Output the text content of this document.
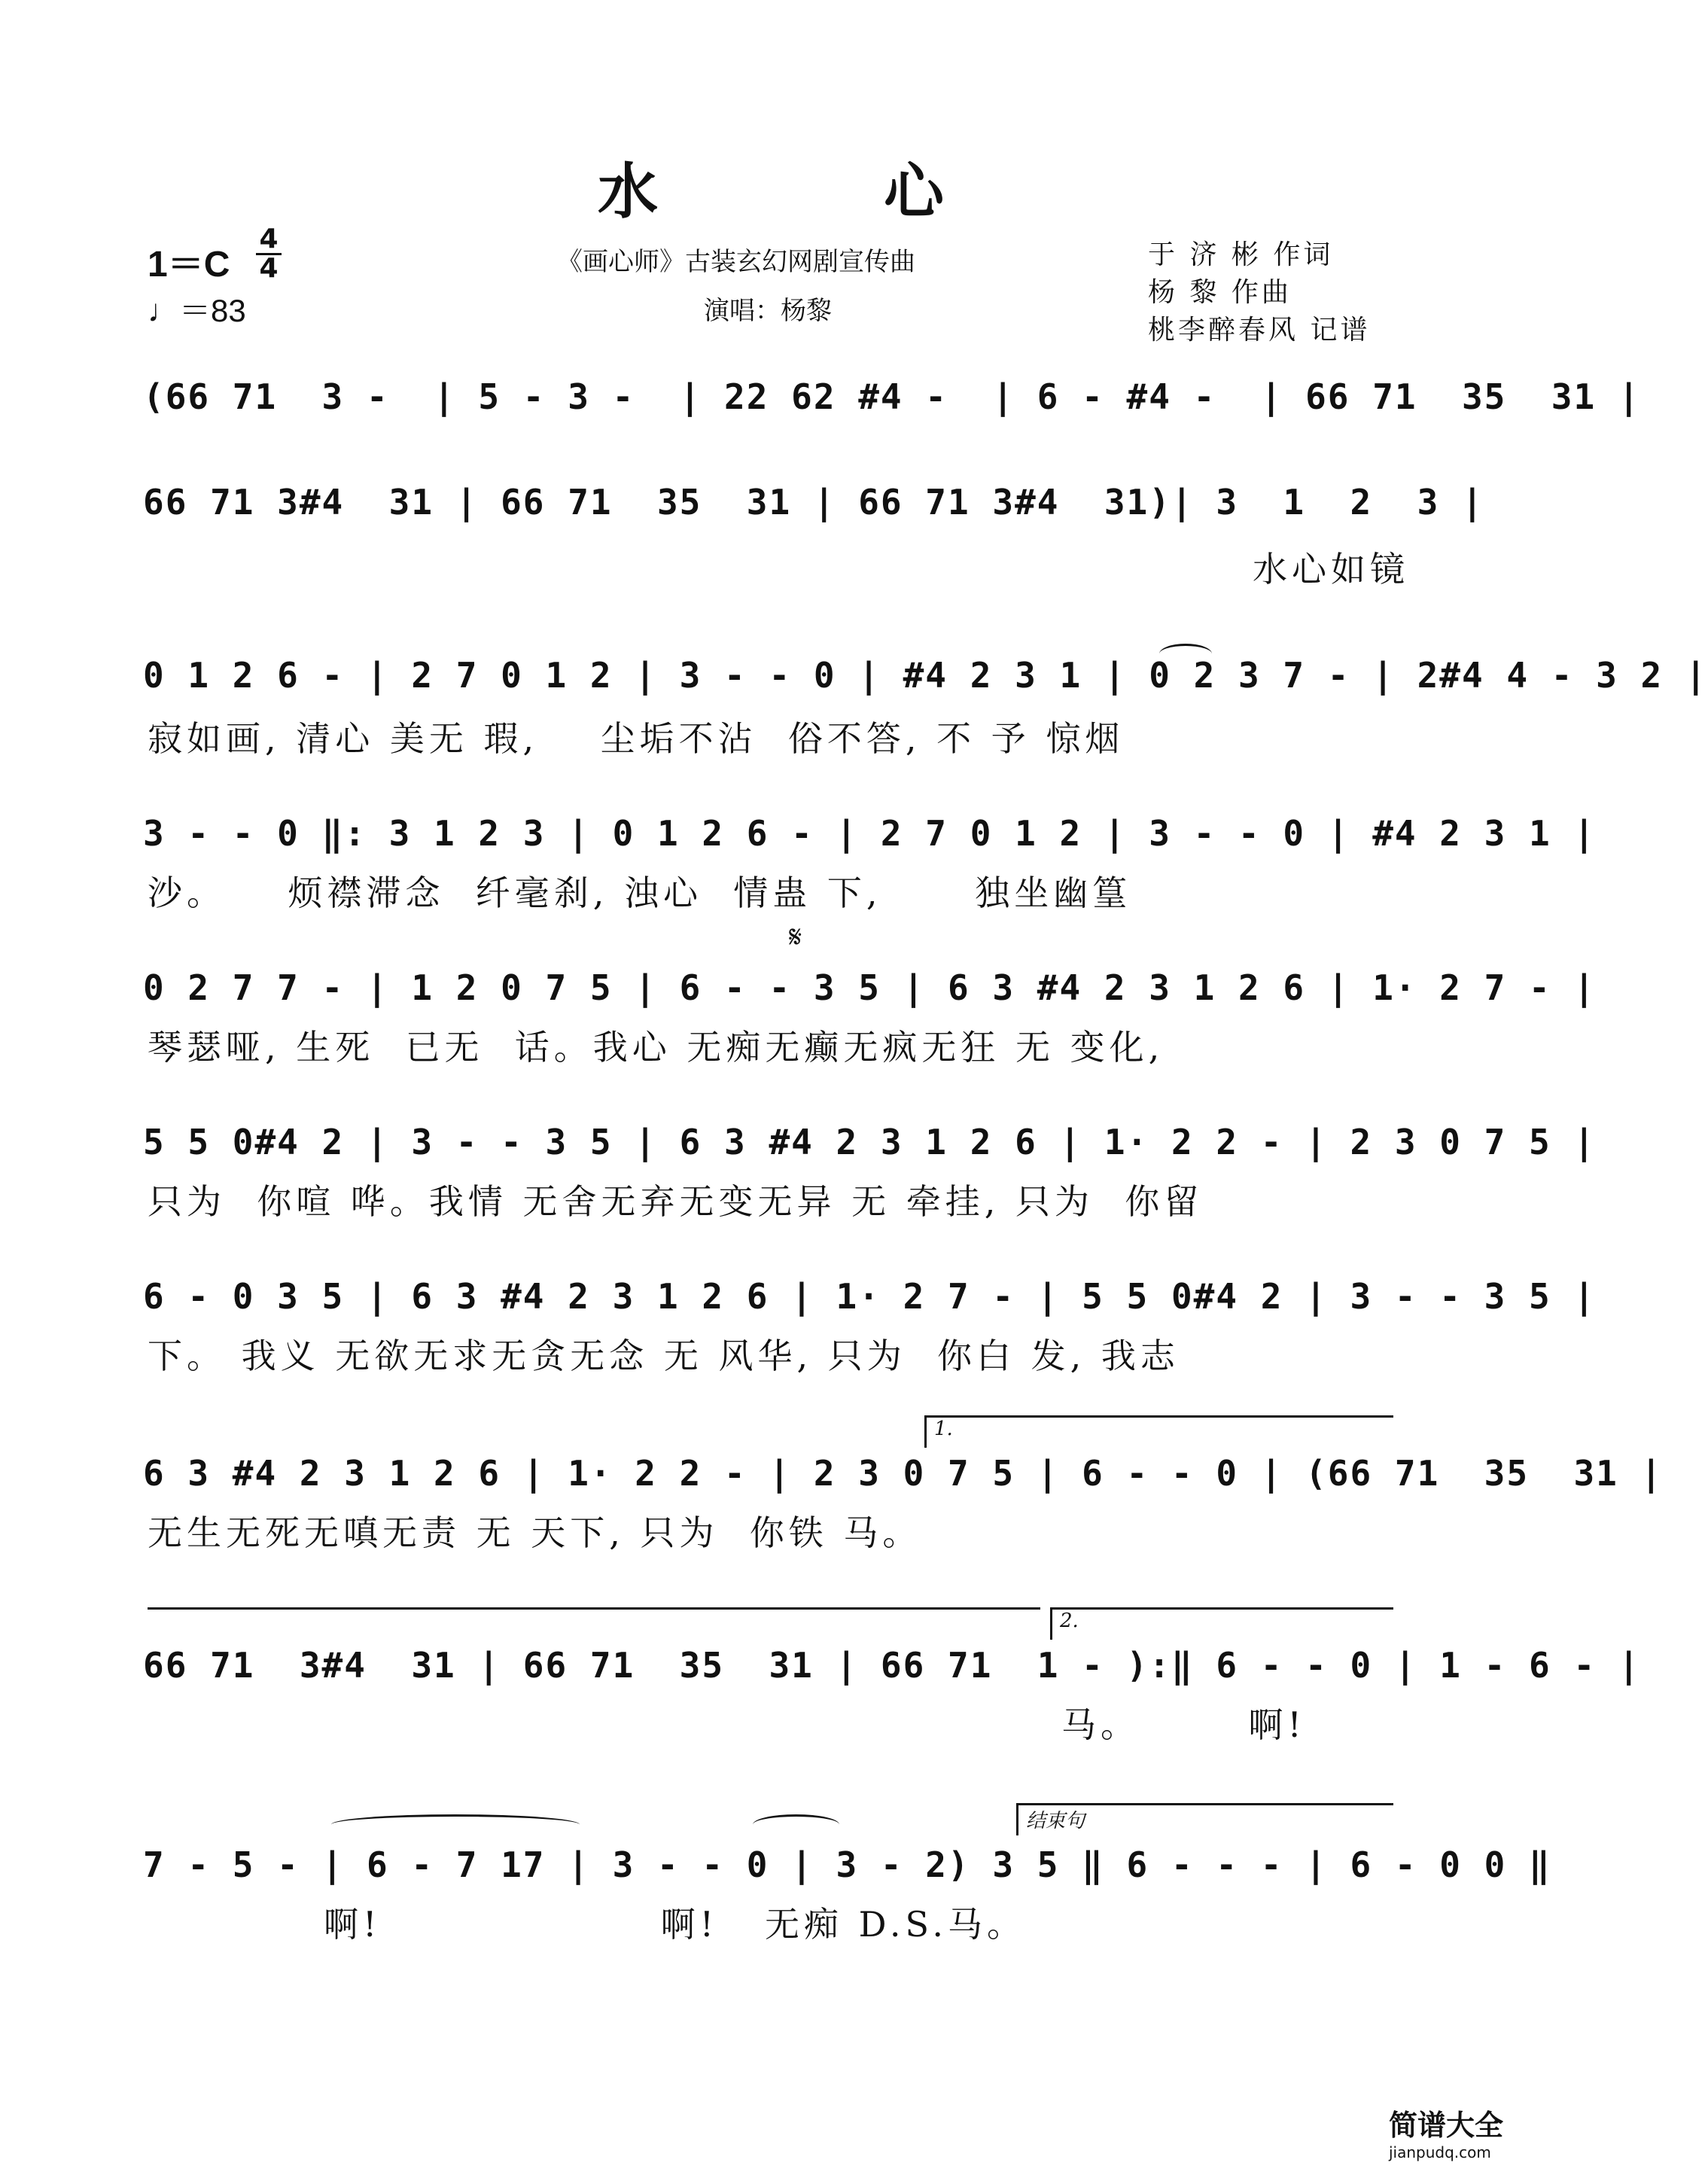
水　心
1＝C
4
4
♩＝83
《画心师》古装玄幻网剧宣传曲
演唱：杨黎
于 济 彬 作词
杨 黎 作曲
桃李醉春风 记谱
(66 71  3 -  | 5 - 3 -  | 22 62 #4 -  | 6 - #4 -  | 66 71  35  31 |
66 71 3#4  31 | 66 71  35  31 | 66 71 3#4  31)| 3  1  2  3 |
水心如镜
0 1 2 6 - | 2 7 0 1 2 | 3 - - 0 | #4 2 3 1 | 0 2 3 7 - | 2#4 4 - 3 2 |
寂如画, 清心 美无 瑕,    尘垢不沾  俗不答, 不 予 惊烟
3 - - 0 ‖: 3 1 2 3 | 0 1 2 6 - | 2 7 0 1 2 | 3 - - 0 | #4 2 3 1 |
沙。    烦襟滞念  纤毫刹, 浊心  情蛊 下,      独坐幽篁
𝄋
0 2 7 7 - | 1 2 0 7 5 | 6 - - 3 5 | 6 3 #4 2 3 1 2 6 | 1· 2 7 - |
琴瑟哑, 生死  已无  话。我心 无痴无癫无疯无狂 无 变化,
5 5 0#4 2 | 3 - - 3 5 | 6 3 #4 2 3 1 2 6 | 1· 2 2 - | 2 3 0 7 5 |
只为  你喧 哗。我情 无舍无弃无变无异 无 牵挂, 只为  你留
6 - 0 3 5 | 6 3 #4 2 3 1 2 6 | 1· 2 7 - | 5 5 0#4 2 | 3 - - 3 5 |
下。 我义 无欲无求无贪无念 无 风华, 只为  你白 发, 我志
1.
6 3 #4 2 3 1 2 6 | 1· 2 2 - | 2 3 0 7 5 | 6 - - 0 | (66 71  35  31 |
无生无死无嗔无责 无 天下, 只为  你铁 马。
2.
66 71  3#4  31 | 66 71  35  31 | 66 71  1 - ):‖ 6 - - 0 | 1 - 6 - |
马。       啊!
结束句
7 - 5 - | 6 - 7 17 | 3 - - 0 | 3 - 2) 3 5 ‖ 6 - - - | 6 - 0 0 ‖
啊!                  啊!   无痴 D.S.马。
简谱大全
jianpudq.com
